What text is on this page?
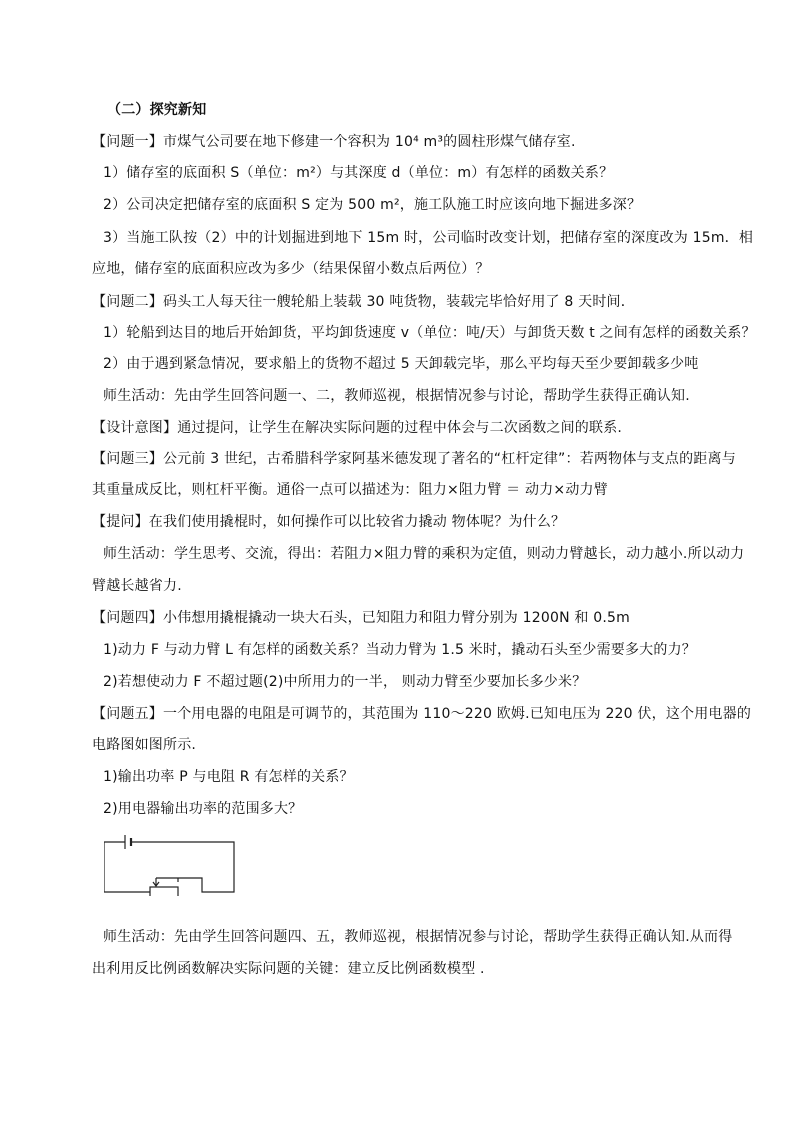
（二）探究新知
【问题一】市煤气公司要在地下修建一个容积为 10⁴ m³的圆柱形煤气储存室.
1）储存室的底面积 S（单位：m²）与其深度 d（单位：m）有怎样的函数关系？
2）公司决定把储存室的底面积 S 定为 500 m²，施工队施工时应该向地下掘进多深？
3）当施工队按（2）中的计划掘进到地下 15m 时，公司临时改变计划，把储存室的深度改为 15m．相
应地，储存室的底面积应改为多少（结果保留小数点后两位）？
【问题二】码头工人每天往一艘轮船上装载 30 吨货物，装载完毕恰好用了 8 天时间．
1）轮船到达目的地后开始卸货，平均卸货速度 v（单位：吨/天）与卸货天数 t 之间有怎样的函数关系？
2）由于遇到紧急情况，要求船上的货物不超过 5 天卸载完毕，那么平均每天至少要卸载多少吨
师生活动：先由学生回答问题一、二，教师巡视，根据情况参与讨论，帮助学生获得正确认知.
【设计意图】通过提问，让学生在解决实际问题的过程中体会与二次函数之间的联系.
【问题三】公元前 3 世纪，古希腊科学家阿基米德发现了著名的“杠杆定律”：若两物体与支点的距离与
其重量成反比，则杠杆平衡。通俗一点可以描述为：阻力×阻力臂 ＝ 动力×动力臂
【提问】在我们使用撬棍时，如何操作可以比较省力撬动 物体呢？为什么？
师生活动：学生思考、交流，得出：若阻力×阻力臂的乘积为定值，则动力臂越长，动力越小.所以动力
臂越长越省力.
【问题四】小伟想用撬棍撬动一块大石头，已知阻力和阻力臂分别为 1200N 和 0.5m
1)动力 F 与动力臂 L 有怎样的函数关系？当动力臂为 1.5 米时，撬动石头至少需要多大的力？
2)若想使动力 F 不超过题(2)中所用力的一半， 则动力臂至少要加长多少米？
【问题五】一个用电器的电阻是可调节的，其范围为 110～220 欧姆.已知电压为 220 伏，这个用电器的
电路图如图所示.
1)输出功率 P 与电阻 R 有怎样的关系？
2)用电器输出功率的范围多大？
师生活动：先由学生回答问题四、五，教师巡视，根据情况参与讨论，帮助学生获得正确认知.从而得
出利用反比例函数解决实际问题的关键：建立反比例函数模型 .
